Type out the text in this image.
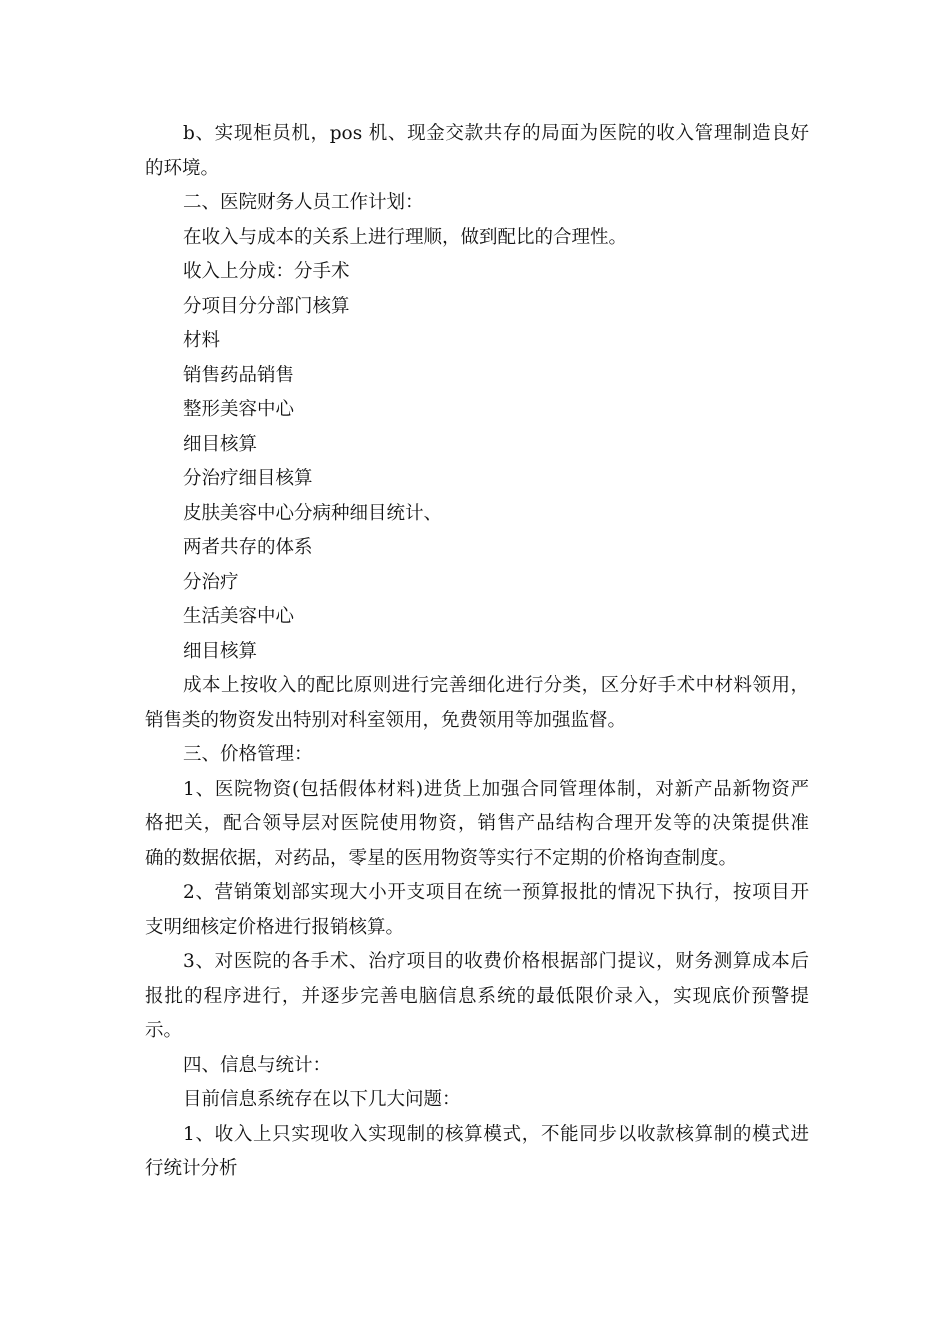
b、实现柜员机，pos 机、现金交款共存的局面为医院的收入管理制造良好
的环境。
二、医院财务人员工作计划：
在收入与成本的关系上进行理顺，做到配比的合理性。
收入上分成：分手术
分项目分分部门核算
材料
销售药品销售
整形美容中心
细目核算
分治疗细目核算
皮肤美容中心分病种细目统计、
两者共存的体系
分治疗
生活美容中心
细目核算
成本上按收入的配比原则进行完善细化进行分类，区分好手术中材料领用，
销售类的物资发出特别对科室领用，免费领用等加强监督。
三、价格管理：
1、医院物资(包括假体材料)进货上加强合同管理体制，对新产品新物资严
格把关，配合领导层对医院使用物资，销售产品结构合理开发等的决策提供准
确的数据依据，对药品，零星的医用物资等实行不定期的价格询查制度。
2、营销策划部实现大小开支项目在统一预算报批的情况下执行，按项目开
支明细核定价格进行报销核算。
3、对医院的各手术、治疗项目的收费价格根据部门提议，财务测算成本后
报批的程序进行，并逐步完善电脑信息系统的最低限价录入，实现底价预警提
示。
四、信息与统计：
目前信息系统存在以下几大问题：
1、收入上只实现收入实现制的核算模式，不能同步以收款核算制的模式进
行统计分析
